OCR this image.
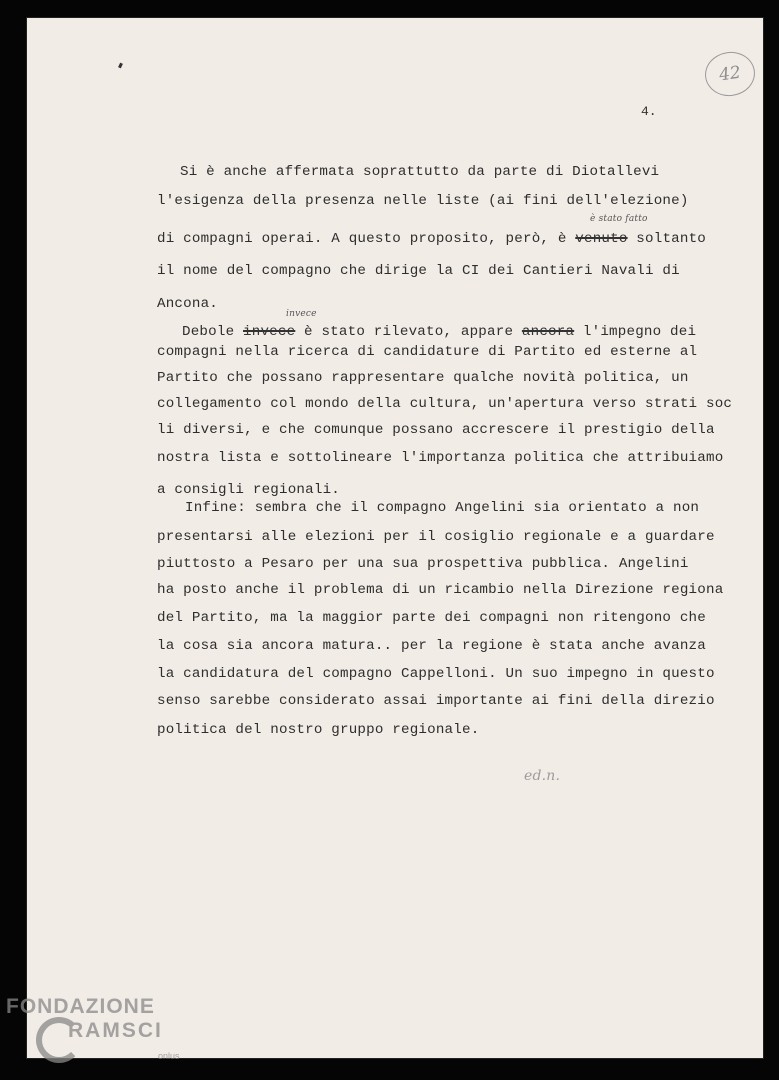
42
4.
Si è anche affermata soprattutto da parte di Diotallevi
l'esigenza della presenza nelle liste (ai fini dell'elezione)
di compagni operai. A questo proposito, però, è venuto soltanto
è stato fatto
il nome del compagno che dirige la CI dei Cantieri Navali di
Ancona.
Debole invece è stato rilevato, appare ancora l'impegno dei
invece
compagni nella ricerca di candidature di Partito ed esterne al
Partito che possano rappresentare qualche novità politica, un
collegamento col mondo della cultura, un'apertura verso strati soc
li diversi, e che comunque possano accrescere il prestigio della
nostra lista e sottolineare l'importanza politica che attribuiamo
a consigli regionali.
Infine: sembra che il compagno Angelini sia orientato a non
presentarsi alle elezioni per il cosiglio regionale e a guardare
piuttosto a Pesaro per una sua prospettiva pubblica. Angelini
ha posto anche il problema di un ricambio nella Direzione regiona
del Partito, ma la maggior parte dei compagni non ritengono che
la cosa sia ancora matura.. per la regione è stata anche avanza
la candidatura del compagno Cappelloni. Un suo impegno in questo
senso sarebbe considerato assai importante ai fini della direzio
politica del nostro gruppo regionale.
ed.n.
FONDAZIONE
RAMSCI
onlus
